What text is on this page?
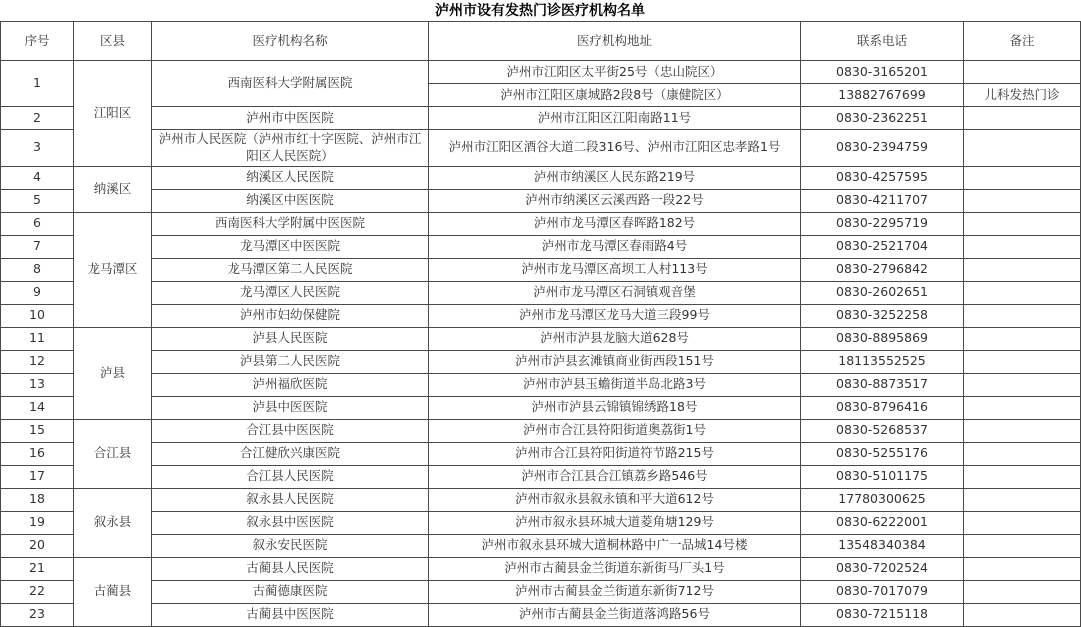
泸州市设有发热门诊医疗机构名单
序号	区县	医疗机构名称	医疗机构地址	联系电话	备注
1	江阳区	西南医科大学附属医院	泸州市江阳区太平街25号（忠山院区）	0830-3165201	
			泸州市江阳区康城路2段8号（康健院区）	13882767699	儿科发热门诊
2		泸州市中医医院	泸州市江阳区江阳南路11号	0830-2362251	
3		泸州市人民医院（泸州市红十字医院、泸州市江阳区人民医院）	泸州市江阳区酒谷大道二段316号、泸州市江阳区忠孝路1号	0830-2394759	
4	纳溪区	纳溪区人民医院	泸州市纳溪区人民东路219号	0830-4257595	
5		纳溪区中医医院	泸州市纳溪区云溪西路一段22号	0830-4211707	
6	龙马潭区	西南医科大学附属中医医院	泸州市龙马潭区春晖路182号	0830-2295719	
7		龙马潭区中医医院	泸州市龙马潭区春雨路4号	0830-2521704	
8		龙马潭区第二人民医院	泸州市龙马潭区高坝工人村113号	0830-2796842	
9		龙马潭区人民医院	泸州市龙马潭区石洞镇观音堡	0830-2602651	
10		泸州市妇幼保健院	泸州市龙马潭区龙马大道三段99号	0830-3252258	
11	泸县	泸县人民医院	泸州市泸县龙脑大道628号	0830-8895869	
12		泸县第二人民医院	泸州市泸县玄滩镇商业街西段151号	18113552525	
13		泸州福欣医院	泸州市泸县玉蟾街道半岛北路3号	0830-8873517	
14		泸县中医医院	泸州市泸县云锦镇锦绣路18号	0830-8796416	
15	合江县	合江县中医医院	泸州市合江县符阳街道奥荔街1号	0830-5268537	
16		合江健欣兴康医院	泸州市合江县符阳街道符节路215号	0830-5255176	
17		合江县人民医院	泸州市合江县合江镇荔乡路546号	0830-5101175	
18	叙永县	叙永县人民医院	泸州市叙永县叙永镇和平大道612号	17780300625	
19		叙永县中医医院	泸州市叙永县环城大道菱角塘129号	0830-6222001	
20		叙永安民医院	泸州市叙永县环城大道桐林路中广一品城14号楼	13548340384	
21	古蔺县	古蔺县人民医院	泸州市古蔺县金兰街道东新街马厂头1号	0830-7202524	
22		古蔺德康医院	泸州市古蔺县金兰街道东新街712号	0830-7017079	
23		古蔺县中医医院	泸州市古蔺县金兰街道落鸿路56号	0830-7215118	
